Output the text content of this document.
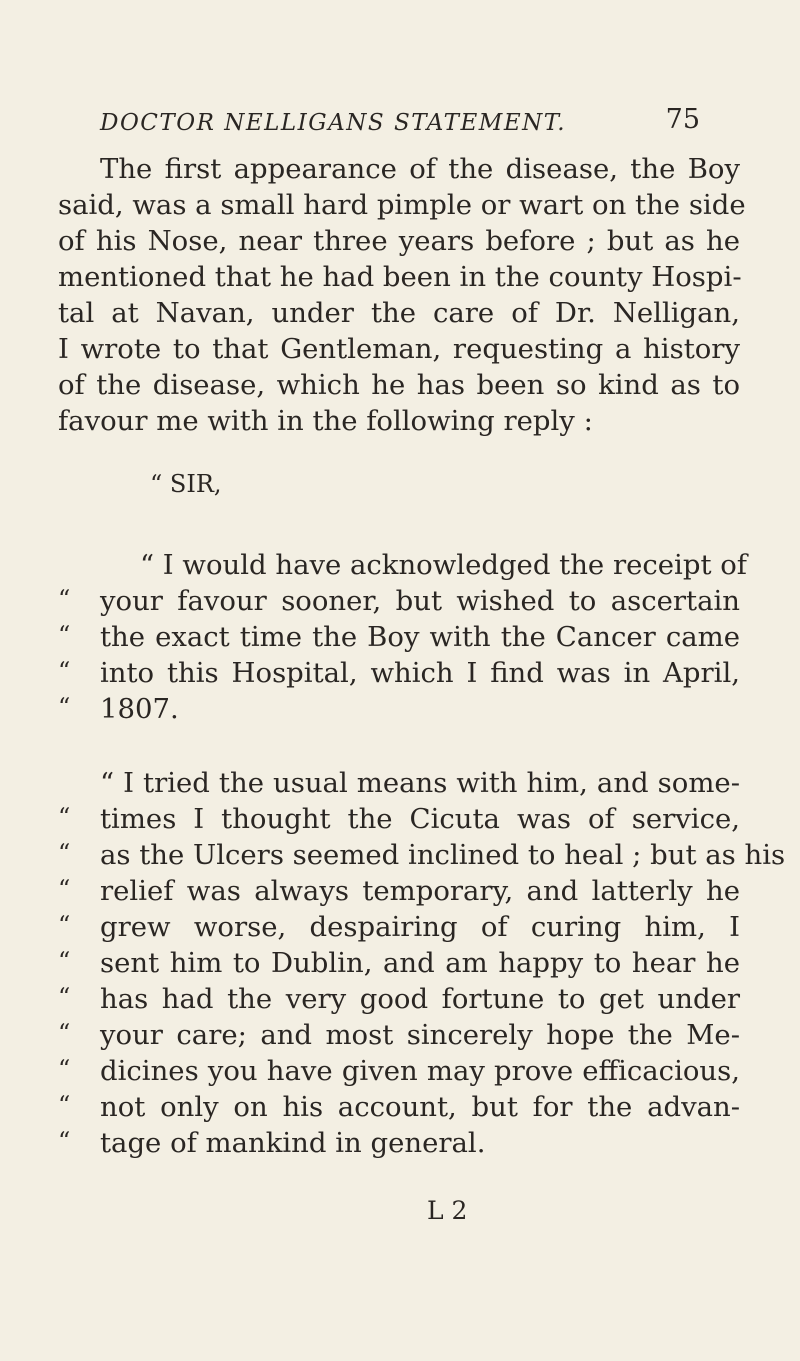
DOCTOR NELLIGANS STATEMENT.	75
The first appearance of the disease, the Boy
said, was a small hard pimple or wart on the side
of his Nose, near three years before ; but as he
mentioned that he had been in the county Hospi-
tal at Navan, under the care of Dr. Nelligan,
I wrote to that Gentleman, requesting a history
of the disease, which he has been so kind as to
favour me with in the following reply :
“ SIR,
“ I would have acknowledged the receipt of
“ your favour sooner, but wished to ascertain
“ the exact time the Boy with the Cancer came
“ into this Hospital, which I find was in April,
“ 1807.
“ I tried the usual means with him, and some-
“ times I thought the Cicuta was of service,
“ as the Ulcers seemed inclined to heal ; but as his
“ relief was always temporary, and latterly he
“ grew worse, despairing of curing him, I
“ sent him to Dublin, and am happy to hear he
“ has had the very good fortune to get under
“ your care; and most sincerely hope the Me-
“ dicines you have given may prove efficacious,
“ not only on his account, but for the advan-
“ tage of mankind in general.
L 2
